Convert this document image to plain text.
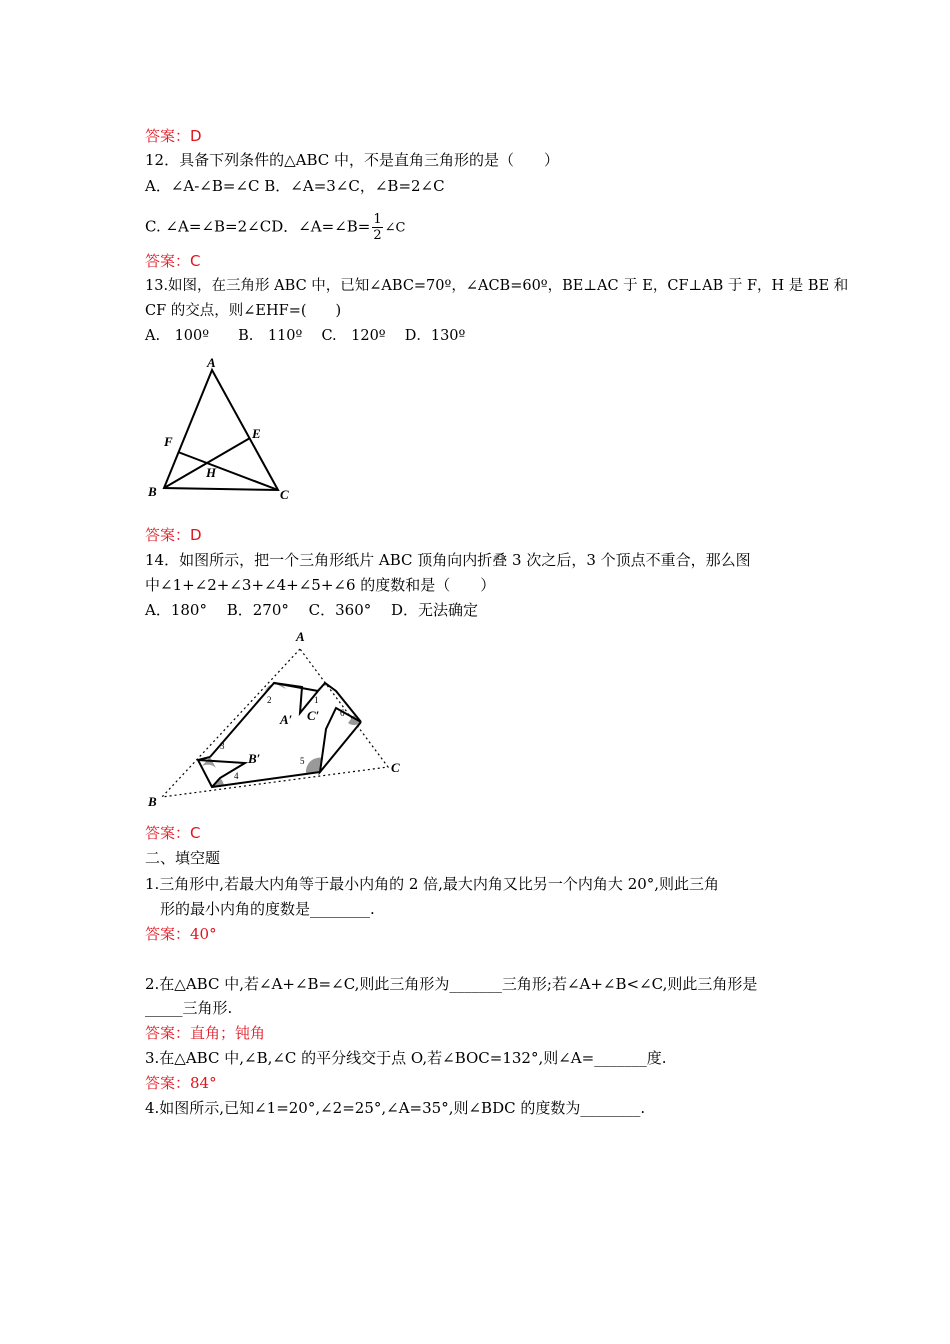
答案：D
12．具备下列条件的△ABC 中，不是直角三角形的是（　　）
A．∠A-∠B=∠C B．∠A=3∠C，∠B=2∠C
C. ∠A=∠B=2∠CD．∠A=∠B= $\frac{1}{2}$ ∠C
答案：C
13.如图，在三角形 ABC 中，已知∠ABC=70º，∠ACB=60º，BE⊥AC 于 E，CF⊥AB 于 F，H 是 BE 和
CF 的交点，则∠EHF=(　　)
A.　100º　　B.　110º　 C.　120º　 D．130º
A
B	C
E
F
H
答案：D
14．如图所示，把一个三角形纸片 ABC 顶角向内折叠 3 次之后，3 个顶点不重合，那么图
中∠1+∠2+∠3+∠4+∠5+∠6 的度数和是（　　）
A．180°　 B．270°　 C．360°　 D．无法确定
A
B
C
A′
B′
C′
1
2
3
4
5
6
答案：C
二、填空题
1.三角形中,若最大内角等于最小内角的 2 倍,最大内角又比另一个内角大 20°,则此三角
形的最小内角的度数是________.
答案：40°
2.在△ABC 中,若∠A+∠B=∠C,则此三角形为_______三角形;若∠A+∠B<∠C,则此三角形是
_____三角形.
答案：直角；钝角
3.在△ABC 中,∠B,∠C 的平分线交于点 O,若∠BOC=132°,则∠A=_______度.
答案：84°
4.如图所示,已知∠1=20°,∠2=25°,∠A=35°,则∠BDC 的度数为________.
